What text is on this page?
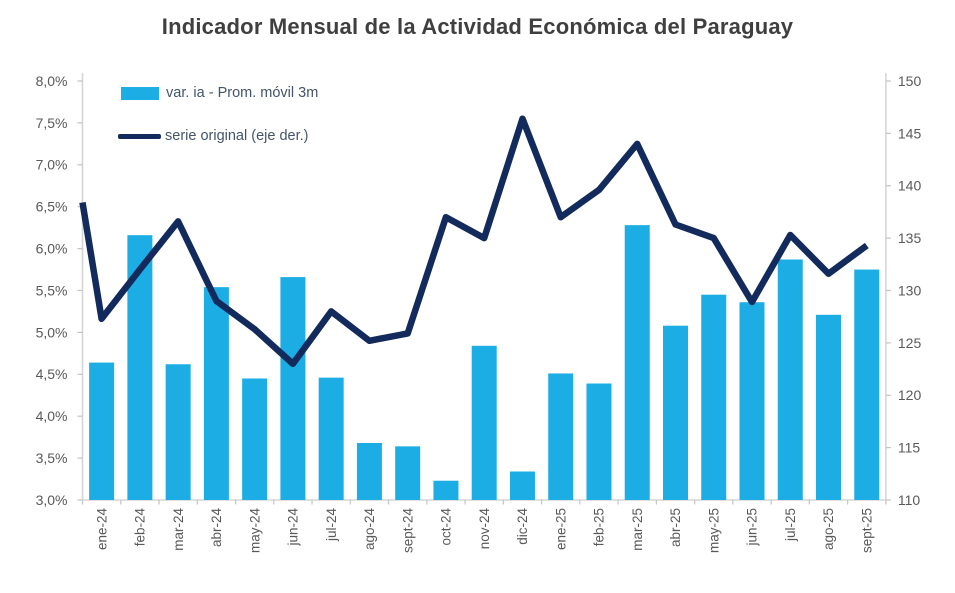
8,0%
7,5%
7,0%
6,5%
6,0%
5,5%
5,0%
4,5%
4,0%
3,5%
3,0%
150
145
140
135
130
125
120
115
110
ene-24 feb-24 mar-24 abr-24 may-24 jun-24 jul-24 ago-24 sept-24 oct-24 nov-24 dic-24 ene-25 feb-25 mar-25 abr-25 may-25 jun-25 jul-25 ago-25 sept-25
Indicador Mensual de la Actividad Económica del Paraguay
var. ia - Prom. móvil 3m
serie original (eje der.)
